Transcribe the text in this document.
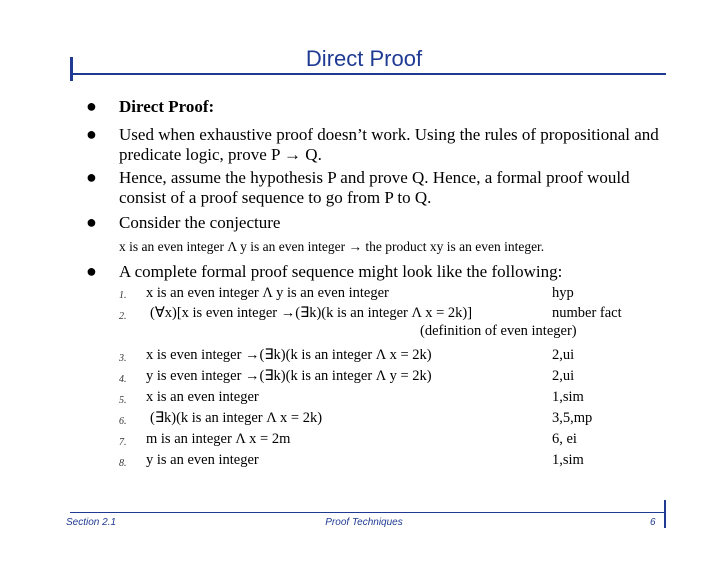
Direct Proof
● Direct Proof:
● Used when exhaustive proof doesn’t work. Using the rules of propositional and predicate logic, prove P → Q.
● Hence, assume the hypothesis P and prove Q. Hence, a formal proof would consist of a proof sequence to go from P to Q.
● Consider the conjecture
x is an even integer Λ y is an even integer → the product xy is an even integer.
● A complete formal proof sequence might look like the following:
1. x is an even integer Λ y is an even integer	hyp
2. (∀x)[x is even integer →(∃k)(k is an integer Λ x = 2k)]	number fact
(definition of even integer)
3. x is even integer →(∃k)(k is an integer Λ x = 2k)	2,ui
4. y is even integer →(∃k)(k is an integer Λ y = 2k)	2,ui
5. x is an even integer	1,sim
6. (∃k)(k is an integer Λ x = 2k)	3,5,mp
7. m is an integer Λ x = 2m	6, ei
8. y is an even integer	1,sim
Section 2.1	Proof Techniques	6
